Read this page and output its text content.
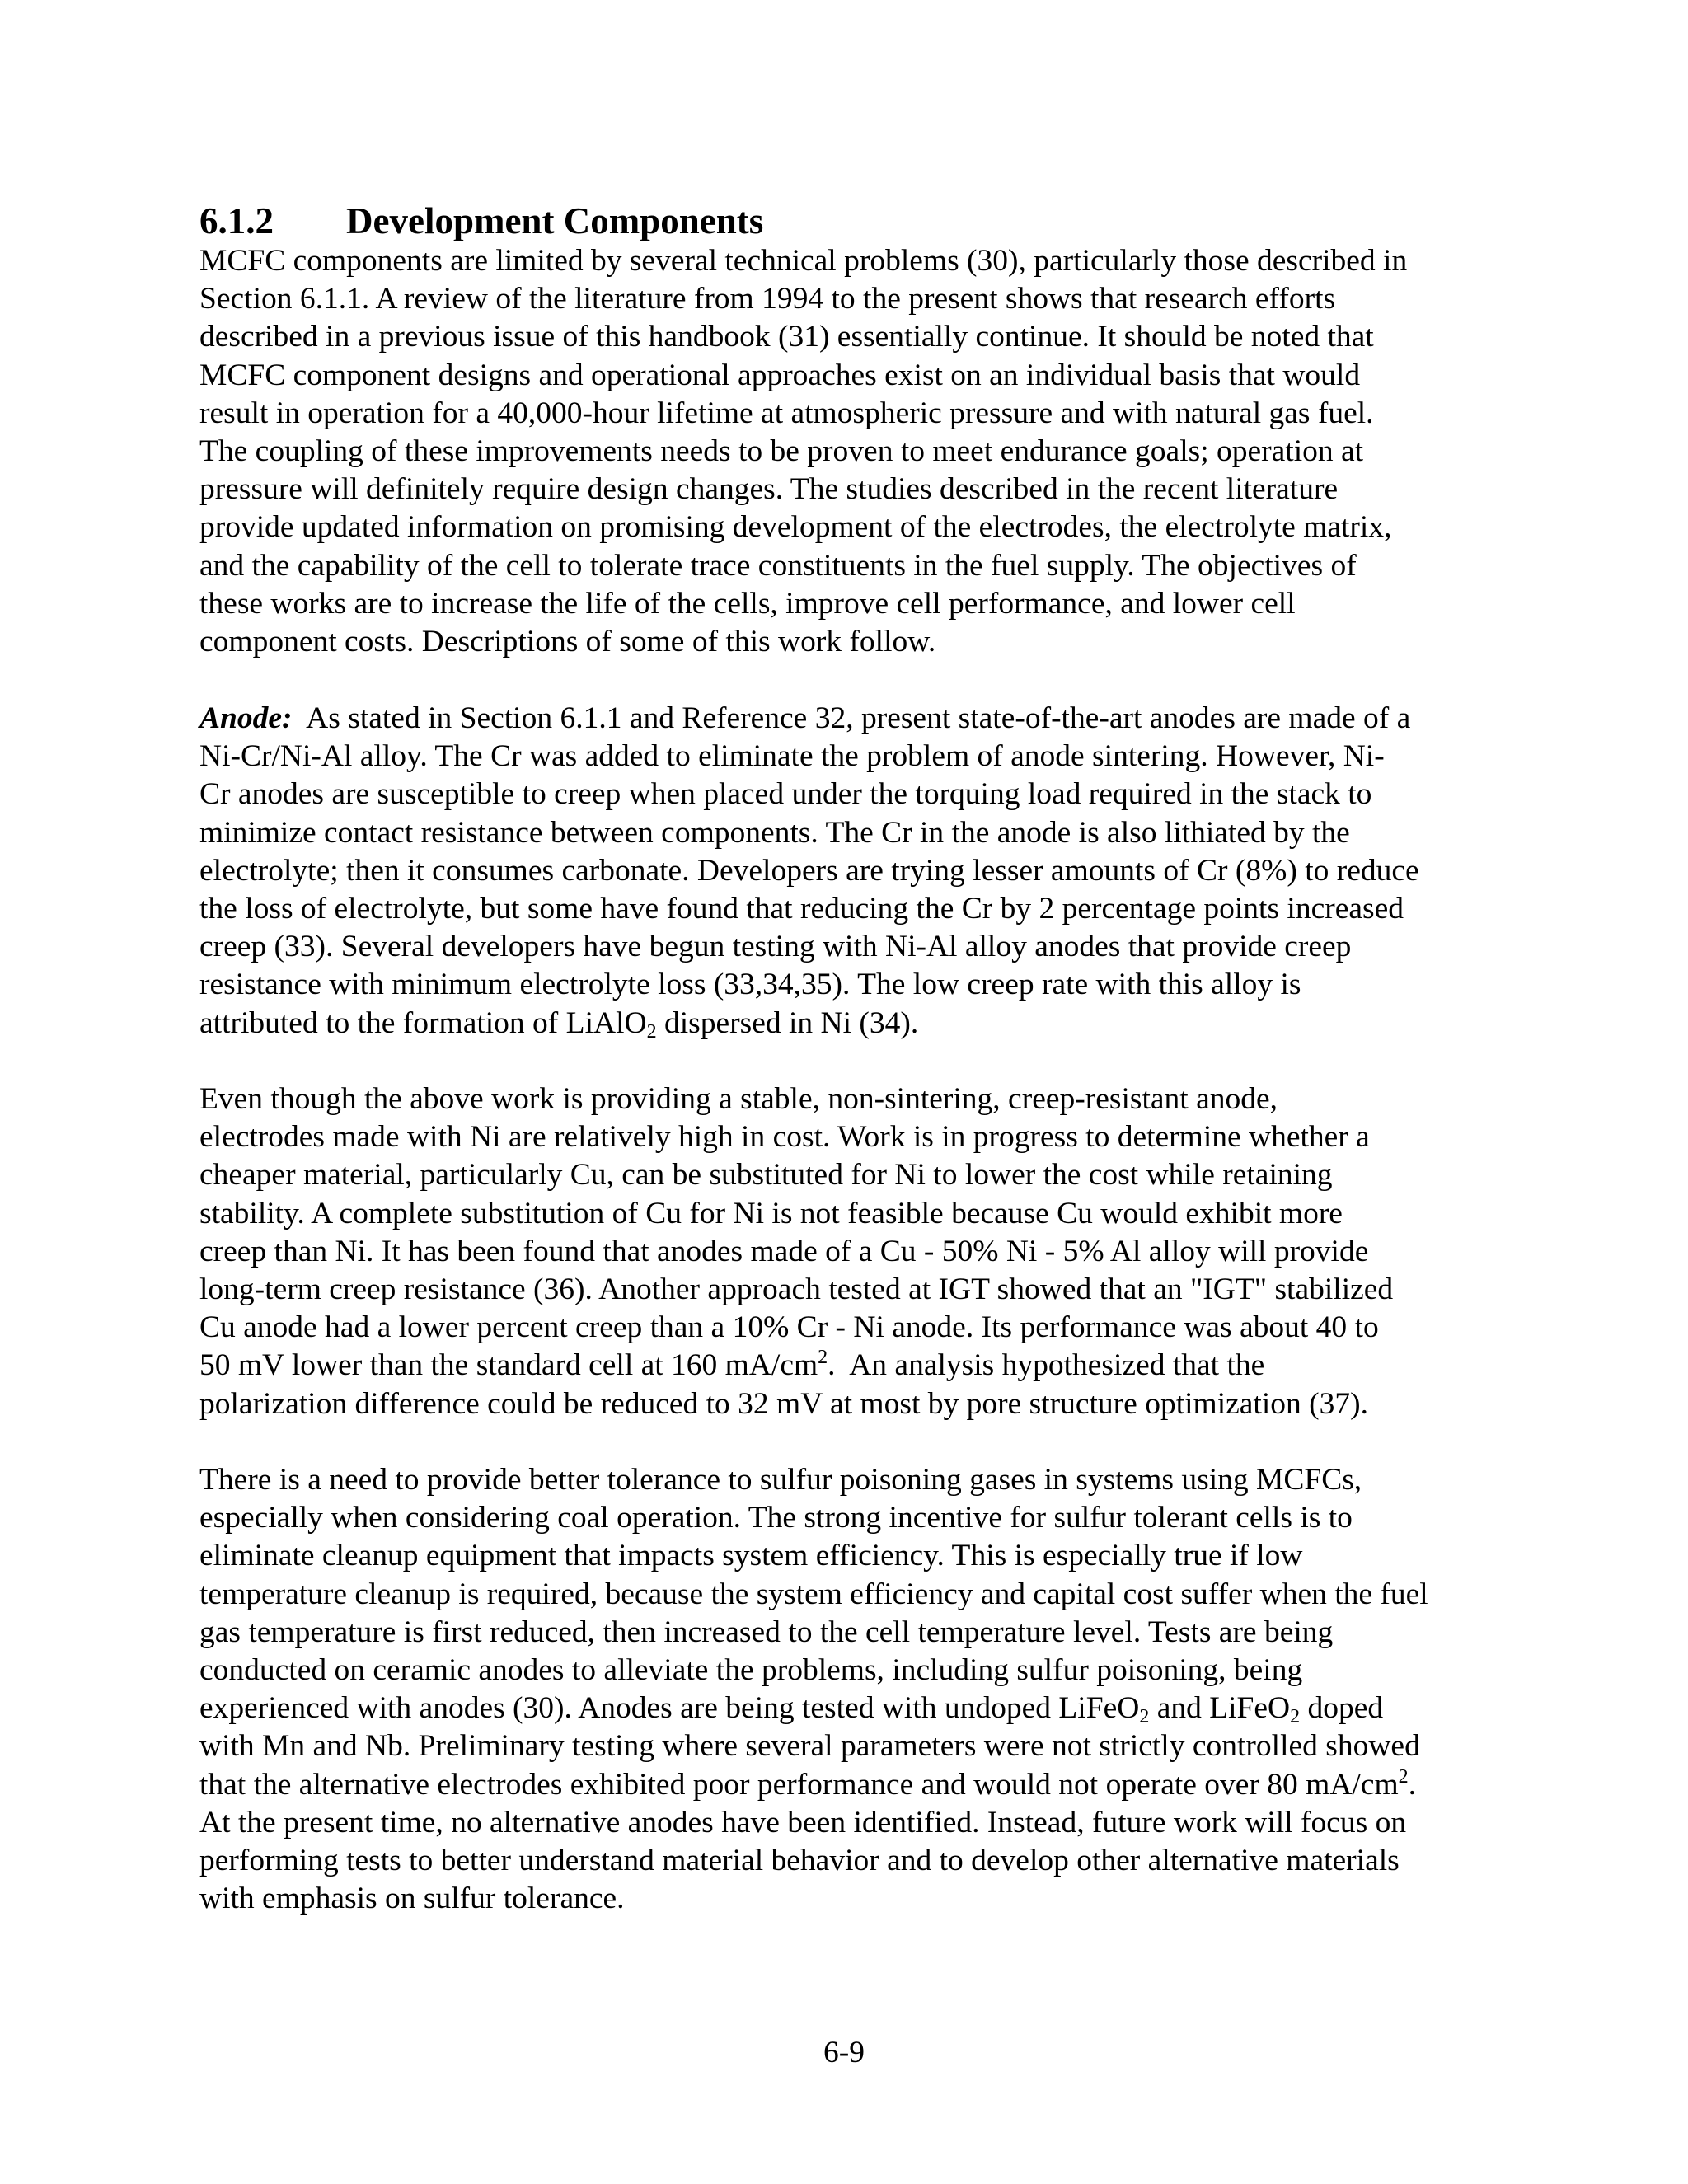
6.1.2 Development Components
MCFC components are limited by several technical problems (30), particularly those described in
Section 6.1.1. A review of the literature from 1994 to the present shows that research efforts
described in a previous issue of this handbook (31) essentially continue. It should be noted that
MCFC component designs and operational approaches exist on an individual basis that would
result in operation for a 40,000-hour lifetime at atmospheric pressure and with natural gas fuel.
The coupling of these improvements needs to be proven to meet endurance goals; operation at
pressure will definitely require design changes. The studies described in the recent literature
provide updated information on promising development of the electrodes, the electrolyte matrix,
and the capability of the cell to tolerate trace constituents in the fuel supply. The objectives of
these works are to increase the life of the cells, improve cell performance, and lower cell
component costs. Descriptions of some of this work follow.
Anode:  As stated in Section 6.1.1 and Reference 32, present state-of-the-art anodes are made of a
Ni-Cr/Ni-Al alloy. The Cr was added to eliminate the problem of anode sintering. However, Ni-
Cr anodes are susceptible to creep when placed under the torquing load required in the stack to
minimize contact resistance between components. The Cr in the anode is also lithiated by the
electrolyte; then it consumes carbonate. Developers are trying lesser amounts of Cr (8%) to reduce
the loss of electrolyte, but some have found that reducing the Cr by 2 percentage points increased
creep (33). Several developers have begun testing with Ni-Al alloy anodes that provide creep
resistance with minimum electrolyte loss (33,34,35). The low creep rate with this alloy is
attributed to the formation of LiAlO$_2$ dispersed in Ni (34).
Even though the above work is providing a stable, non-sintering, creep-resistant anode,
electrodes made with Ni are relatively high in cost. Work is in progress to determine whether a
cheaper material, particularly Cu, can be substituted for Ni to lower the cost while retaining
stability. A complete substitution of Cu for Ni is not feasible because Cu would exhibit more
creep than Ni. It has been found that anodes made of a Cu - 50% Ni - 5% Al alloy will provide
long-term creep resistance (36). Another approach tested at IGT showed that an "IGT" stabilized
Cu anode had a lower percent creep than a 10% Cr - Ni anode. Its performance was about 40 to
50 mV lower than the standard cell at 160 $mA/cm^2$.  An analysis hypothesized that the
polarization difference could be reduced to 32 mV at most by pore structure optimization (37).
There is a need to provide better tolerance to sulfur poisoning gases in systems using MCFCs,
especially when considering coal operation. The strong incentive for sulfur tolerant cells is to
eliminate cleanup equipment that impacts system efficiency. This is especially true if low
temperature cleanup is required, because the system efficiency and capital cost suffer when the fuel
gas temperature is first reduced, then increased to the cell temperature level. Tests are being
conducted on ceramic anodes to alleviate the problems, including sulfur poisoning, being
experienced with anodes (30). Anodes are being tested with undoped LiFeO$_2$ and LiFeO$_2$ doped
with Mn and Nb. Preliminary testing where several parameters were not strictly controlled showed
that the alternative electrodes exhibited poor performance and would not operate over 80 $mA/cm^2$.
At the present time, no alternative anodes have been identified. Instead, future work will focus on
performing tests to better understand material behavior and to develop other alternative materials
with emphasis on sulfur tolerance.
6-9
